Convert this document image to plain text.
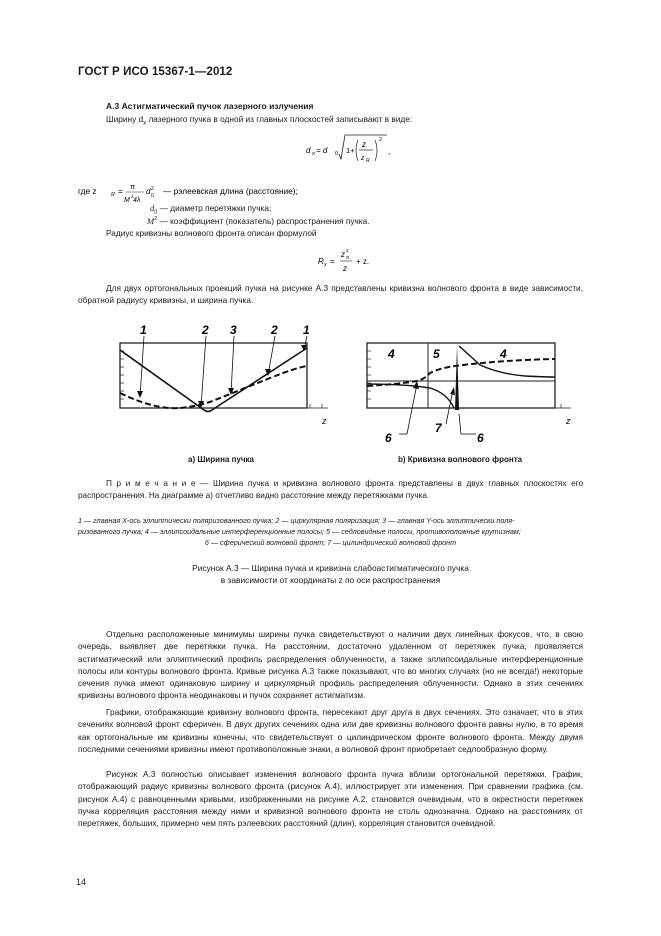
ГОСТ Р ИСО 15367-1—2012
А.3 Астигматический пучок лазерного излучения
Ширину $d_x$ лазерного пучка в одной из главных плоскостей записывают в виде:
d x = d 0 1+
z
z R
2
,
где z	R = π
M
2
4λ
d 0
2 — рэлеевская длина (расстояние);
$d_0$ — диаметр перетяжки пучка;
$M^2$ — коэффициент (показатель) распространения пучка.
Радиус кривизны волнового фронта описан формулой
R x =
z R
2
z
+ z.
Для двух ортогональных проекций пучка на рисунке А.3 представлены кривизна волнового фронта в виде зависимости, обратной радиусу кривизны, и ширина пучка.
z
1	2 3	2 1
а) Ширина пучка
z
4	5	4
6
7
6
b) Кривизна волнового фронта
П р и м е ч а н и е — Ширина пучка и кривизна волнового фронта представлены в двух главных плоскостях его распространения. На диаграмме а) отчетливо видно расстояние между перетяжками пучка.
1 — главная X-ось эллиптически поляризованного пучка; 2 — циркулярная поляризация; 3 — главная Y-ось эллиптически поля-
ризованного пучка; 4 — эллипсоидальные интерференционные полосы; 5 — седловидные полосы, противоположные крутизнам;
6 — сферический волновой фронт; 7 — цилиндрический волновой фронт
Рисунок А.3 — Ширина пучка и кривизна слабоастигматического пучка
в зависимости от координаты z по оси распространения
Отдельно расположенные минимумы ширины пучка свидетельствуют о наличии двух линейных фокусов, что, в свою очередь, выявляет две перетяжки пучка. На расстоянии, достаточно удаленном от перетяжек пучка, проявляется астигматический или эллиптический профиль распределения облученности, а также эллипсоидальные интерференционные полосы или контуры волнового фронта. Кривые рисунка А.3 также показывают, что во многих случаях (но не всегда!) некоторые сечения пучка имеют одинаковую ширину и циркулярный профиль распределения облученности. Однако в этих сечениях кривизны волнового фронта неодинаковы и пучок сохраняет астигматизм.
Графики, отображающие кривизну волнового фронта, пересекают друг друга в двух сечениях. Это означает, что в этих сечениях волновой фронт сферичен. В двух других сечениях одна или две кривизны волнового фронта равны нулю, в то время как ортогональные им кривизны конечны, что свидетельствует о цилиндрическом фронте волнового фронта. Между двумя последними сечениями кривизны имеют противоположные знаки, а волновой фронт приобретает седлообразную форму.
Рисунок А.3 полностью описывает изменения волнового фронта пучка вблизи ортогональной перетяжки. График, отображающий радиус кривизны волнового фронта (рисунок А.4), иллюстрирует эти изменения. При сравнении графика (см. рисунок А.4) с равноценными кривыми, изображенными на рисунке А.2, становится очевидным, что в окрестности перетяжек пучка корреляция расстояния между ними и кривизной волнового фронта не столь однозначна. Однако на расстояниях от перетяжек, больших, примерно чем пять рэлеевских расстояний (длин), корреляция становится очевидной.
14
